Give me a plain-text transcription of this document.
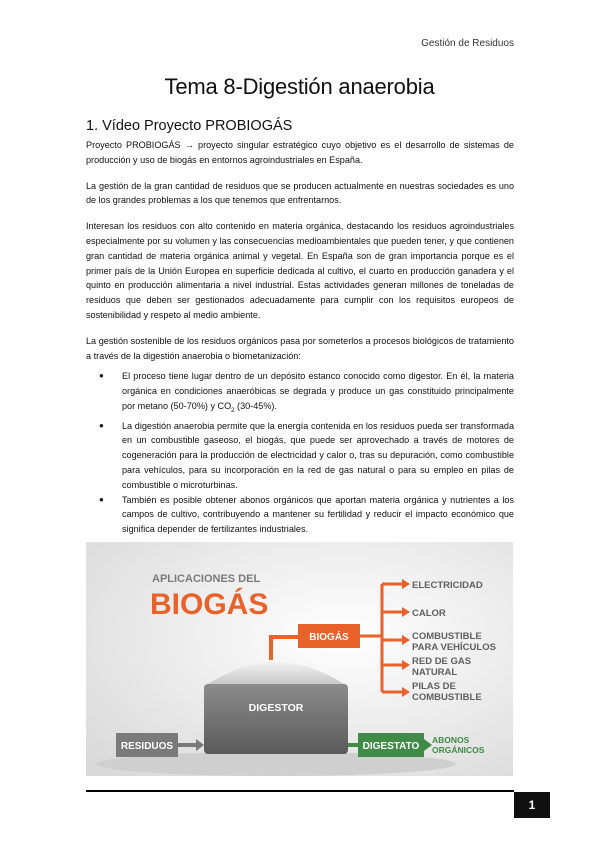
Gestión de Residuos
Tema 8-Digestión anaerobia
1. Vídeo Proyecto PROBIOGÁS

Proyecto PROBIOGÁS → proyecto singular estratégico cuyo objetivo es el desarrollo de sistemas de producción y uso de biogás en entornos agroindustriales en España.

La gestión de la gran cantidad de residuos que se producen actualmente en nuestras sociedades es uno de los grandes problemas a los que tenemos que enfrentarnos.

Interesan los residuos con alto contenido en materia orgánica, destacando los residuos agroindustriales especialmente por su volumen y las consecuencias medioambientales que pueden tener, y que contienen gran cantidad de materia orgánica animal y vegetal. En España son de gran importancia porque es el primer país de la Unión Europea en superficie dedicada al cultivo, el cuarto en producción ganadera y el quinto en producción alimentaria a nivel industrial. Estas actividades generan millones de toneladas de residuos que deben ser gestionados adecuadamente para cumplir con los requisitos europeos de sostenibilidad y respeto al medio ambiente.

La gestión sostenible de los residuos orgánicos pasa por someterlos a procesos biológicos de tratamiento a través de la digestión anaerobia o biometanización:

● El proceso tiene lugar dentro de un depósito estanco conocido como digestor. En él, la materia orgánica en condiciones anaeróbicas se degrada y produce un gas constituido principalmente por metano (50-70%) y $CO_2$ (30-45%).
● La digestión anaerobia permite que la energía contenida en los residuos pueda ser transformada en un combustible gaseoso, el biogás, que puede ser aprovechado a través de motores de cogeneración para la producción de electricidad y calor o, tras su depuración, como combustible para vehículos, para su incorporación en la red de gas natural o para su empleo en pilas de combustible o microturbinas.
● También es posible obtener abonos orgánicos que aportan materia orgánica y nutrientes a los campos de cultivo, contribuyendo a mantener su fertilidad y reducir el impacto económico que significa depender de fertilizantes industriales.
APLICACIONES DEL
BIOGÁS
DIGESTOR
BIOGÁS
ELECTRICIDAD
CALOR
COMBUSTIBLE
PARA VEHÍCULOS
RED DE GAS
NATURAL
PILAS DE
COMBUSTIBLE
RESIDUOS	DIGESTATO
ABONOS
ORGÁNICOS
1
